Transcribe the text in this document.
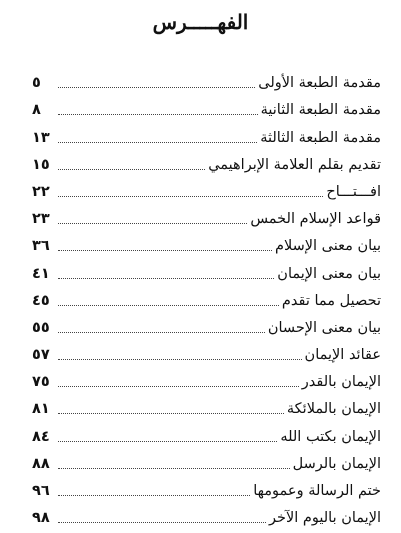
الفهـــــرس
مقدمة الطبعة الأولى
٥
مقدمة الطبعة الثانية
٨
مقدمة الطبعة الثالثة
١٣
تقديم بقلم العلامة الإبراهيمي
١٥
افـــتـــاح
٢٢
قواعد الإسلام الخمس
٢٣
بيان معنى الإسلام
٣٦
بيان معنى الإيمان
٤١
تحصيل مما تقدم
٤٥
بيان معنى الإحسان
٥٥
عقائد الإيمان
٥٧
الإيمان بالقدر
٧٥
الإيمان بالملائكة
٨١
الإيمان بكتب الله
٨٤
الإيمان بالرسل
٨٨
ختم الرسالة وعمومها
٩٦
الإيمان باليوم الآخر
٩٨
